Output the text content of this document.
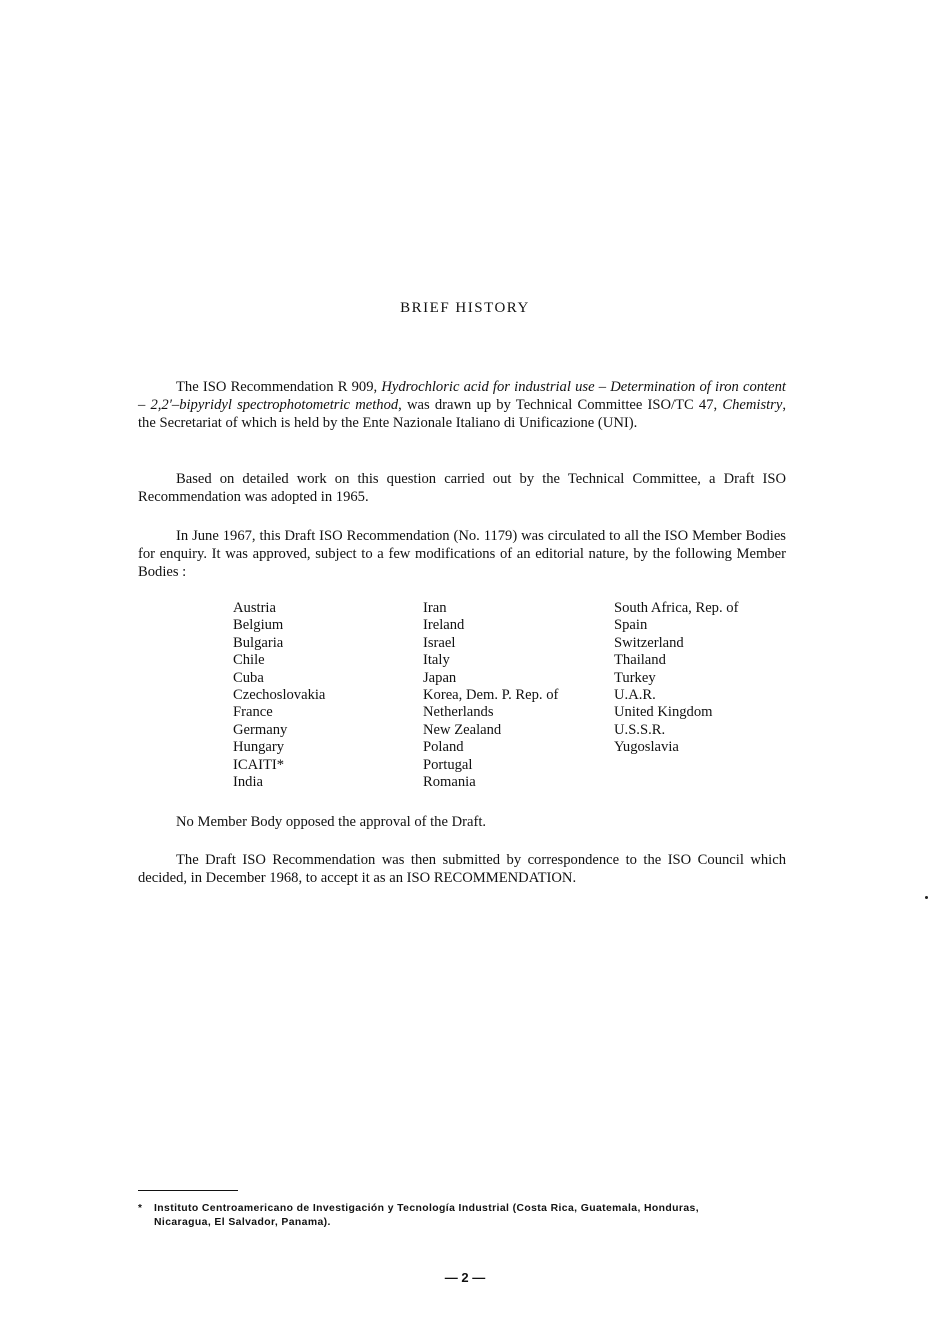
BRIEF HISTORY

The ISO Recommendation R 909, Hydrochloric acid for industrial use – Determination of iron content – 2,2′–bipyridyl spectrophotometric method, was drawn up by Technical Committee ISO/TC 47, Chemistry, the Secretariat of which is held by the Ente Nazionale Italiano di Unificazione (UNI).

Based on detailed work on this question carried out by the Technical Committee, a Draft ISO Recommendation was adopted in 1965.

In June 1967, this Draft ISO Recommendation (No. 1179) was circulated to all the ISO Member Bodies for enquiry. It was approved, subject to a few modifications of an editorial nature, by the following Member Bodies :

Austria
Belgium
Bulgaria
Chile
Cuba
Czechoslovakia
France
Germany
Hungary
ICAITI*
India
Iran
Ireland
Israel
Italy
Japan
Korea, Dem. P. Rep. of
Netherlands
New Zealand
Poland
Portugal
Romania
South Africa, Rep. of
Spain
Switzerland
Thailand
Turkey
U.A.R.
United Kingdom
U.S.S.R.
Yugoslavia
No Member Body opposed the approval of the Draft.

The Draft ISO Recommendation was then submitted by correspondence to the ISO Council which decided, in December 1968, to accept it as an ISO RECOMMENDATION.

* Instituto Centroamericano de Investigación y Tecnología Industrial (Costa Rica, Guatemala, Honduras,
Nicaragua, El Salvador, Panama).
— 2 —
